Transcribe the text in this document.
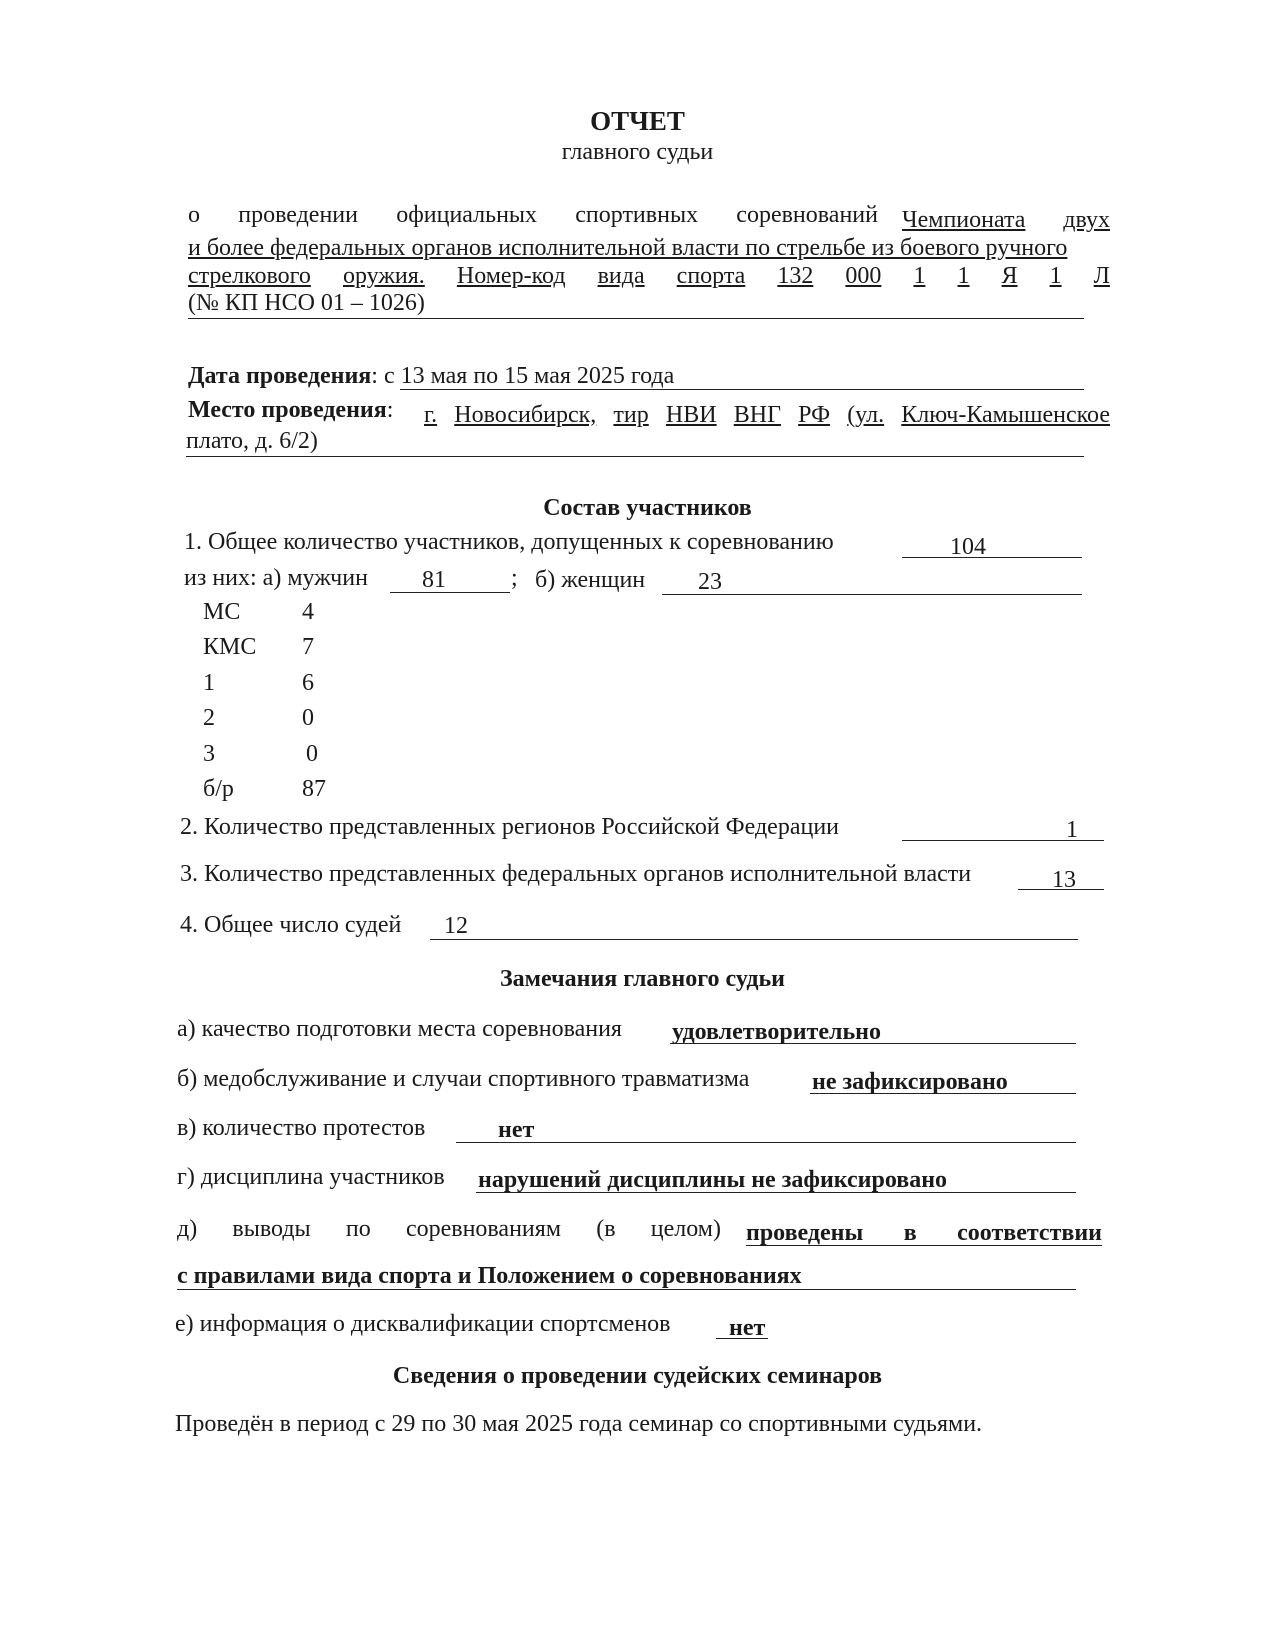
ОТЧЕТ
главного судьи
о проведении официальных спортивных соревнований Чемпионата двух
и более федеральных органов исполнительной власти по стрельбе из боевого ручного
стрелкового оружия. Номер-код вида спорта 132 000 1 1 Я 1 Л
(№ КП НСО 01 – 1026)
Дата проведения: с 13 мая по 15 мая 2025 года
Место проведения: г. Новосибирск, тир НВИ ВНГ РФ (ул. Ключ-Камышенское
плато, д. 6/2)
Состав участников
1. Общее количество участников, допущенных к соревнованию	104
из них: а) мужчин 81	; б) женщин 23
МС	4
КМС 7
1	6
2	0
3	0
б/р	87
2. Количество представленных регионов Российской Федерации	1
3. Количество представленных федеральных органов исполнительной власти	13
4. Общее число судей 12
Замечания главного судьи
а) качество подготовки места соревнования удовлетворительно
б) медобслуживание и случаи спортивного травматизма	не зафиксировано
в) количество протестов	нет
г) дисциплина участников нарушений дисциплины не зафиксировано
д) выводы по соревнованиям (в целом) проведены в соответствии
с правилами вида спорта и Положением о соревнованиях
е) информация о дисквалификации спортсменов нет
Сведения о проведении судейских семинаров
Проведён в период с 29 по 30 мая 2025 года семинар со спортивными судьями.
